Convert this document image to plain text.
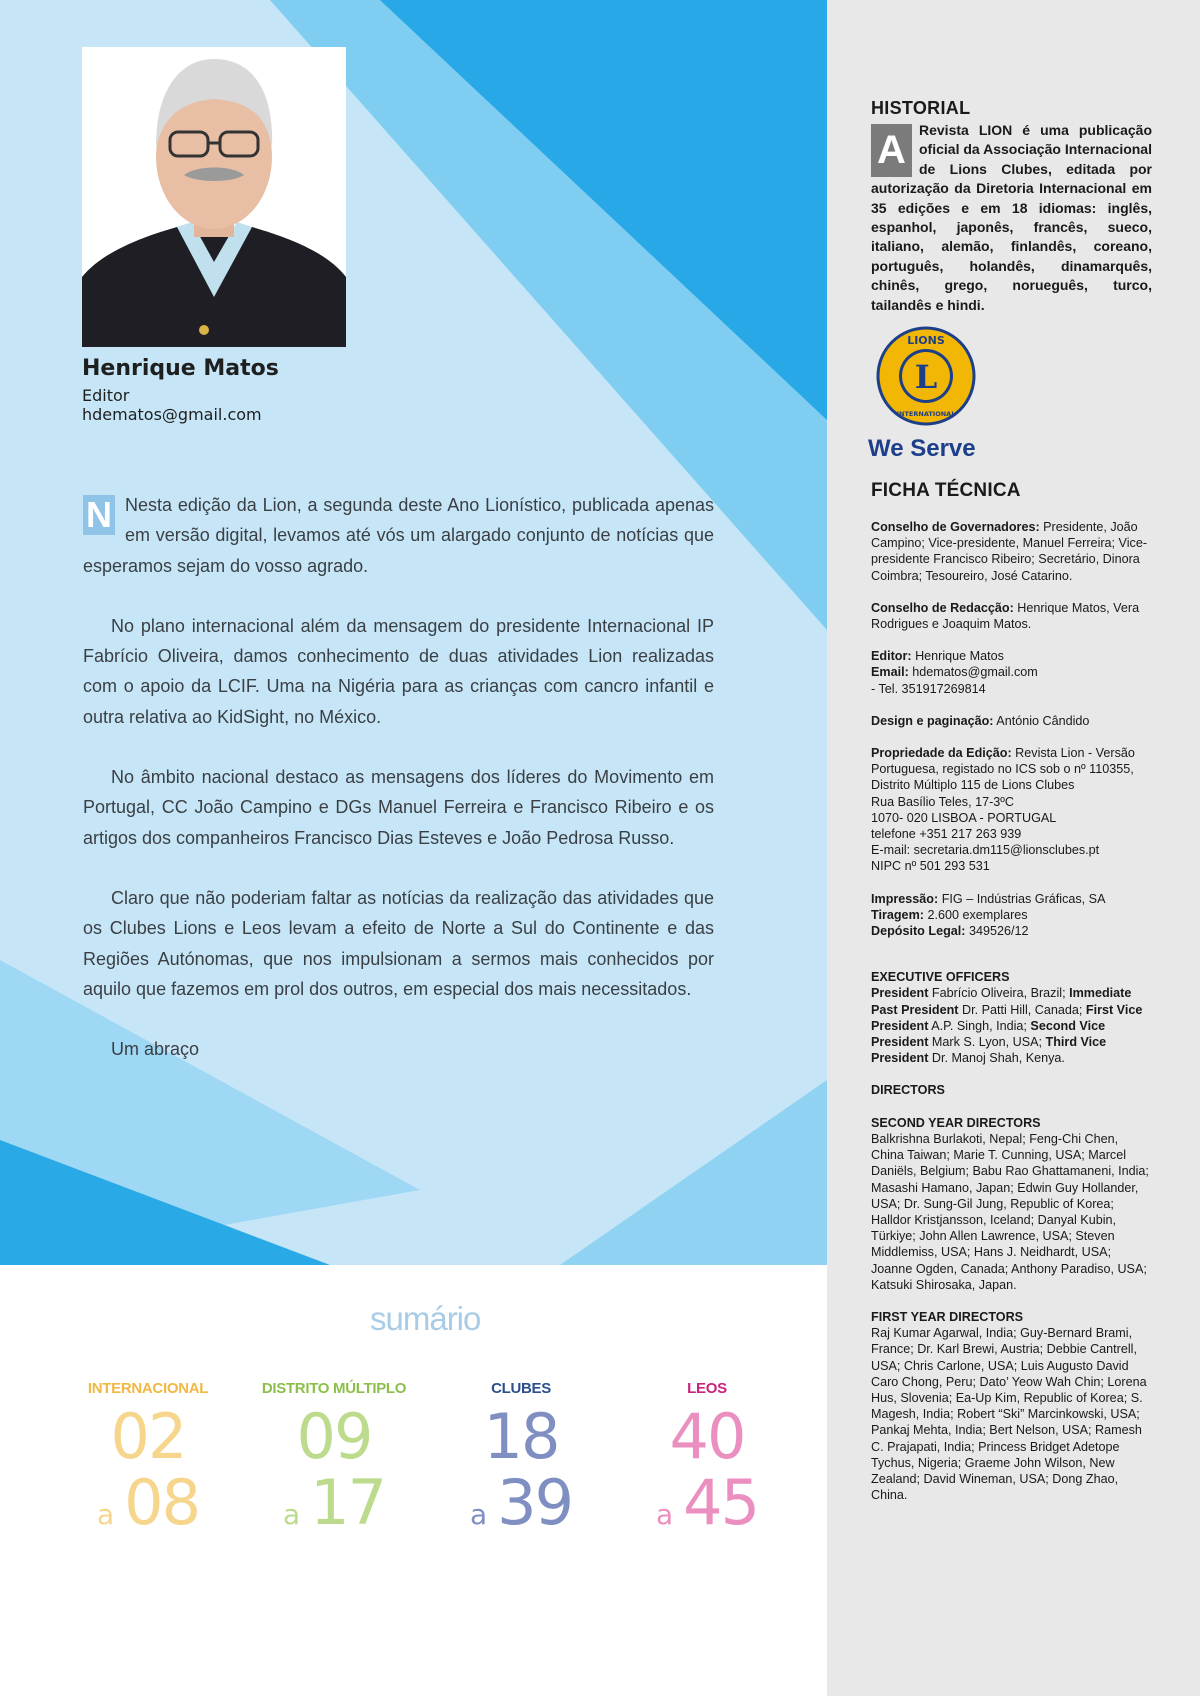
Henrique Matos
Editor
hdematos@gmail.com

N Nesta edição da Lion, a segunda deste Ano Lionístico, publicada apenas em versão digital, levamos até vós um alargado conjunto de notícias que esperamos sejam do vosso agrado.

No plano internacional além da mensagem do presidente Internacional IP Fabrício Oliveira, damos conhecimento de duas atividades Lion realizadas com o apoio da LCIF. Uma na Nigéria para as crianças com cancro infantil e outra relativa ao KidSight, no México.

No âmbito nacional destaco as mensagens dos líderes do Movimento em Portugal, CC João Campino e DGs Manuel Ferreira e Francisco Ribeiro e os artigos dos companheiros Francisco Dias Esteves e João Pedrosa Russo.

Claro que não poderiam faltar as notícias da realização das atividades que os Clubes Lions e Leos levam a efeito de Norte a Sul do Continente e das Regiões Autónomas, que nos impulsionam a sermos mais conhecidos por aquilo que fazemos em prol dos outros, em especial dos mais necessitados.

Um abraço

sumário
INTERNACIONAL
02
a 08
DISTRITO MÚLTIPLO
09
a 17
CLUBES
18
a 39
LEOS
40
a 45
HISTORIAL
A Revista LION é uma publicação oficial da Associação Internacional de Lions Clubes, editada por autorização da Diretoria Internacional em 35 edições e em 18 idiomas: inglês, espanhol, japonês, francês, sueco, italiano, alemão, finlandês, coreano, português, holandês, dinamarquês, chinês, grego, norueguês, turco, tailandês e hindi.
L
LIONS
INTERNATIONAL
We Serve
FICHA TÉCNICA

Conselho de Governadores: Presidente, João Campino; Vice-presidente, Manuel Ferreira; Vice-presidente Francisco Ribeiro; Secretário, Dinora Coimbra; Tesoureiro, José Catarino.

Conselho de Redacção: Henrique Matos, Vera Rodrigues e Joaquim Matos.

Editor: Henrique Matos
Email: hdematos@gmail.com
- Tel. 351917269814

Design e paginação: António Cândido

Propriedade da Edição: Revista Lion - Versão Portuguesa, registado no ICS sob o nº 110355,
Distrito Múltiplo 115 de Lions Clubes
Rua Basílio Teles, 17-3ºC
1070- 020 LISBOA - PORTUGAL
telefone +351 217 263 939
E-mail: secretaria.dm115@lionsclubes.pt
NIPC nº 501 293 531

Impressão: FIG – Indústrias Gráficas, SA
Tiragem: 2.600 exemplares
Depósito Legal: 349526/12

EXECUTIVE OFFICERS
President Fabrício Oliveira, Brazil; Immediate Past President Dr. Patti Hill, Canada; First Vice President A.P. Singh, India; Second Vice President Mark S. Lyon, USA; Third Vice President Dr. Manoj Shah, Kenya.

DIRECTORS

SECOND YEAR DIRECTORS
Balkrishna Burlakoti, Nepal; Feng-Chi Chen, China Taiwan; Marie T. Cunning, USA; Marcel Daniëls, Belgium; Babu Rao Ghattamaneni, India; Masashi Hamano, Japan; Edwin Guy Hollander, USA; Dr. Sung-Gil Jung, Republic of Korea; Halldor Kristjansson, Iceland; Danyal Kubin, Türkiye; John Allen Lawrence, USA; Steven Middlemiss, USA; Hans J. Neidhardt, USA; Joanne Ogden, Canada; Anthony Paradiso, USA; Katsuki Shirosaka, Japan.

FIRST YEAR DIRECTORS
Raj Kumar Agarwal, India; Guy-Bernard Brami, France; Dr. Karl Brewi, Austria; Debbie Cantrell, USA; Chris Carlone, USA; Luis Augusto David Caro Chong, Peru; Dato’ Yeow Wah Chin; Lorena Hus, Slovenia; Ea-Up Kim, Republic of Korea; S. Magesh, India; Robert “Ski” Marcinkowski, USA; Pankaj Mehta, India; Bert Nelson, USA; Ramesh C. Prajapati, India; Princess Bridget Adetope Tychus, Nigeria; Graeme John Wilson, New Zealand; David Wineman, USA; Dong Zhao, China.
